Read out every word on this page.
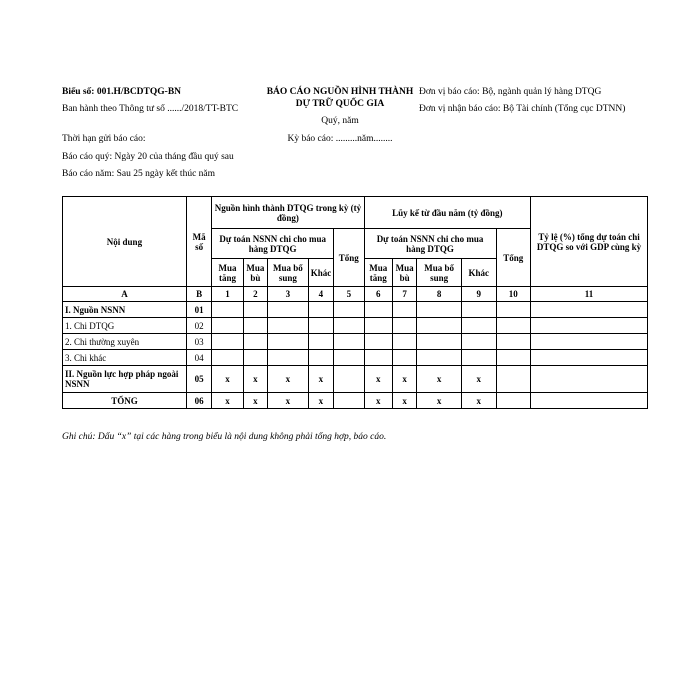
Biểu số: 001.H/BCDTQG-BN
Ban hành theo Thông tư số ....../2018/TT-BTC
Thời hạn gửi báo cáo:
Báo cáo quý: Ngày 20 của tháng đầu quý sau
Báo cáo năm: Sau 25 ngày kết thúc năm
BÁO CÁO NGUỒN HÌNH THÀNH DỰ TRỮ QUỐC GIA
Quý, năm
Kỳ báo cáo: .........năm........
Đơn vị báo cáo: Bộ, ngành quản lý hàng DTQG
Đơn vị nhận báo cáo: Bộ Tài chính (Tổng cục DTNN)
Nội dung	Mã số	Nguồn hình thành DTQG trong kỳ (tỷ đồng)					Lũy kế từ đầu năm (tỷ đồng)					Tỷ lệ (%) tổng dự toán chi DTQG so với GDP cùng kỳ
		Dự toán NSNN chi cho mua hàng DTQG				Tổng	Dự toán NSNN chi cho mua hàng DTQG				Tổng	
		Mua tăng	Mua bù	Mua bổ sung	Khác		Mua tăng	Mua bù	Mua bổ sung	Khác		
A	B	1	2	3	4	5	6	7	8	9	10	11
I. Nguồn NSNN	01											
1. Chi DTQG	02											
2. Chi thường xuyên	03											
3. Chi khác	04											
II. Nguồn lực hợp pháp ngoài NSNN	05	x	x	x	x		x	x	x	x		
TỔNG	06	x	x	x	x		x	x	x	x		
Ghi chú: Dấu “x” tại các hàng trong biểu là nội dung không phải tổng hợp, báo cáo.
